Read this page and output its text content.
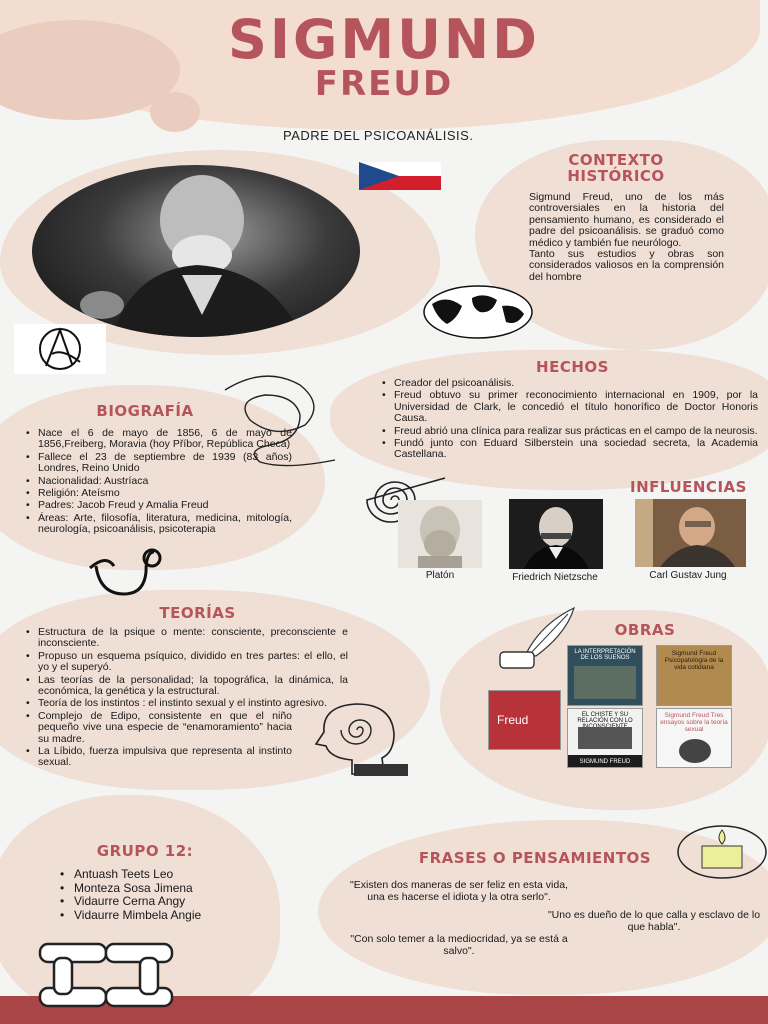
SIGMUND
FREUD
PADRE DEL PSICOANÁLISIS.
CONTEXTO
HISTÓRICO
Sigmund Freud, uno de los más controversiales en la historia del pensamiento humano, es considerado el padre del psicoanálisis. se graduó como médico y también fue neurólogo.
Tanto sus estudios y obras son considerados valiosos en la comprensión del hombre
HECHOS
• Creador del psicoanálisis.
• Freud obtuvo su primer reconocimiento internacional en 1909, por la Universidad de Clark, le concedió el título honorífico de Doctor Honoris Causa.
• Freud abrió una clínica para realizar sus prácticas en el campo de la neurosis.
• Fundó junto con Eduard Silberstein una sociedad secreta, la Academia Castellana.
BIOGRAFÍA
• Nace el 6 de mayo de 1856, 6 de mayo de 1856,Freiberg, Moravia (hoy Příbor, República Checa)
• Fallece el 23 de septiembre de 1939 (83 años) Londres, Reino Unido
• Nacionalidad: Austríaca
• Religión: Ateísmo
• Padres: Jacob Freud y Amalia Freud
• Áreas: Arte, filosofía, literatura, medicina, mitología, neurología, psicoanálisis, psicoterapia
INFLUENCIAS
Platón	Friedrich Nietzsche	Carl Gustav Jung
TEORÍAS
• Estructura de la psique o mente: consciente, preconsciente e inconsciente.
• Propuso un esquema psíquico, dividido en tres partes: el ello, el yo y el superyó.
• Las teorías de la personalidad; la topográfica, la dinámica, la económica, la genética y la estructural.
• Teoría de los instintos : el instinto sexual y el instinto agresivo.
• Complejo de Edipo, consistente en que el niño pequeño vive una especie de “enamoramiento” hacia su madre.
• La Líbido, fuerza impulsiva que representa al instinto sexual.
OBRAS
LA INTERPRETACIÓN DE LOS SUEÑOS
Sigmund Freud Psicopatología de la vida cotidiana
Freud	EL CHISTE Y SU RELACIÓN CON LO
SIGMUND FREUD
Sigmund Freud Tres ensayos sobre la teoría sexual
GRUPO 12:
• Antuash Teets Leo
• Monteza Sosa Jimena
• Vidaurre Cerna Angy
• Vidaurre Mimbela Angie
FRASES O PENSAMIENTOS
"Existen dos maneras de ser feliz en esta vida, una es hacerse el idiota y la otra serlo".
"Uno es dueño de lo que calla y esclavo de lo que habla".
"Con solo temer a la mediocridad, ya se está a salvo".
